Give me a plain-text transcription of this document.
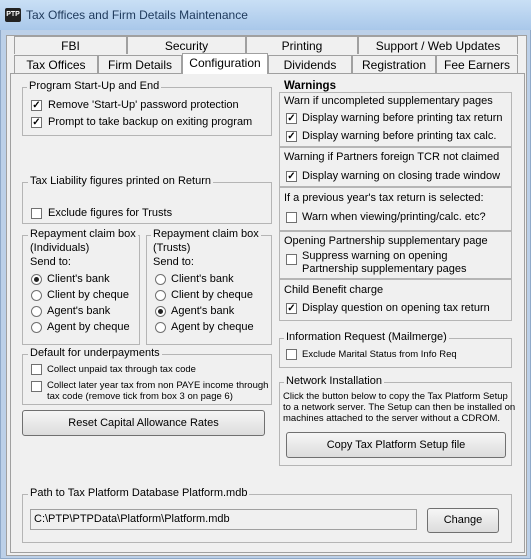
PTP Tax Offices and Firm Details Maintenance
FBI	Security	Printing	Support / Web Updates
Tax Offices	Firm Details	Configuration	Dividends	Registration	Fee Earners
Program Start-Up and End
✓ Remove 'Start-Up' password protection
✓ Prompt to take backup on exiting program
Tax Liability figures printed on Return
Exclude figures for Trusts
Repayment claim box
(Individuals)
Send to:
Client's bank
Client by cheque
Agent's bank
Agent by cheque
Repayment claim box
(Trusts)
Send to:
Client's bank
Client by cheque
Agent's bank
Agent by cheque
Default for underpayments
Collect unpaid tax through tax code
Collect later year tax from non PAYE income through
tax code (remove tick from box 3 on page 6)
Reset Capital Allowance Rates
Warnings
Warn if uncompleted supplementary pages
✓ Display warning before printing tax return
✓ Display warning before printing tax calc.
Warning if Partners foreign TCR not claimed
✓ Display warning on closing trade window
If a previous year's tax return is selected:
Warn when viewing/printing/calc. etc?
Opening Partnership supplementary page
Suppress warning on opening
Partnership supplementary pages
Child Benefit charge
✓ Display question on opening tax return
Information Request (Mailmerge)
Exclude Marital Status from Info Req
Network Installation
Click the button below to copy the Tax Platform Setup
to a network server. The Setup can then be installed on
machines attached to the server without a CDROM.
Copy Tax Platform Setup file
Path to Tax Platform Database Platform.mdb
C:\PTP\PTPData\Platform\Platform.mdb	Change
